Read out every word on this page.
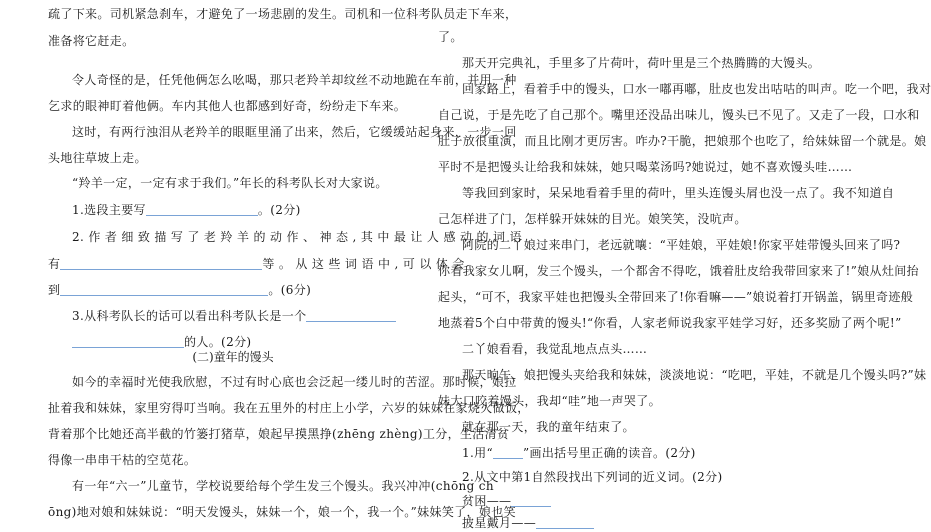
疏了下来。司机紧急刹车，才避免了一场悲剧的发生。司机和一位科考队员走下车来，
准备将它赶走。
令人奇怪的是，任凭他俩怎么吆喝，那只老羚羊却纹丝不动地跪在车前，并用一种
乞求的眼神盯着他俩。车内其他人也都感到好奇，纷纷走下车来。
这时，有两行浊泪从老羚羊的眼眶里涌了出来，然后，它缓缓站起身来，一步一回
头地往草坡上走。
“羚羊一定，一定有求于我们。”年长的科考队长对大家说。
1.选段主要写	。(2分)
2. 作 者 细 致 描 写 了 老 羚 羊 的 动 作 、 神 态 , 其 中 最 让 人 感 动 的 词 语
有	等 。 从 这 些 词 语 中 , 可 以 体 会
到	。(6分)
3.从科考队长的话可以看出科考队长是一个
的人。(2分)
(二)童年的馒头
如今的幸福时光使我欣慰，不过有时心底也会泛起一缕儿时的苦涩。那时候，娘拉
扯着我和妹妹，家里穷得叮当响。我在五里外的村庄上小学，六岁的妹妹在家烧火做饭，
背着那个比她还高半截的竹篓打猪草，娘起早摸黑挣(zhēng zhèng)工分，生活清贫
得像一串串干枯的空苋花。
有一年“六一”儿童节，学校说要给每个学生发三个馒头。我兴冲冲(chōng ch
ōng)地对娘和妹妹说：“明天发馒头，妹妹一个，娘一个，我一个。”妹妹笑了，娘也笑
了。
那天开完典礼，手里多了片荷叶，荷叶里是三个热腾腾的大馒头。
回家路上，看着手中的馒头，口水一嘟再嘟，肚皮也发出咕咕的叫声。吃一个吧，我对
自己说，于是先吃了自己那个。嘴里还没品出味儿，馒头已不见了。又走了一段，口水和
肚子放很重演，而且比刚才更厉害。咋办?干脆，把娘那个也吃了，给妹妹留一个就是。娘
平时不是把馒头让给我和妹妹，她只喝菜汤吗?她说过，她不喜欢馒头哇……
等我回到家时，呆呆地看着手里的荷叶，里头连馒头屑也没一点了。我不知道自
己怎样进了门，怎样躲开妹妹的目光。娘笑笑，没吭声。
阿院的二丫娘过来串门，老远就嚷：“平娃娘，平娃娘!你家平娃带馒头回来了吗?
你看我家女儿啊，发三个馒头，一个都舍不得吃，饿着肚皮给我带回家来了!”娘从灶间抬
起头，“可不，我家平娃也把馒头全带回来了!你看嘛——”娘说着打开锅盖，锅里奇迹般
地蒸着5个白中带黄的馒头!“你看，人家老师说我家平娃学习好，还多奖励了两个呢!”
二丫娘看看，我觉乱地点点头……
那天晌午，娘把馒头夹给我和妹妹，淡淡地说：“吃吧，平娃，不就是几个馒头吗?”妹
妹大口咬着馒头，我却“哇”地一声哭了。
就在那一天，我的童年结束了。
1.用“	”画出括号里正确的读音。(2分)
2.从文中第1自然段找出下列词的近义词。(2分)
贫困——
披星戴月——
